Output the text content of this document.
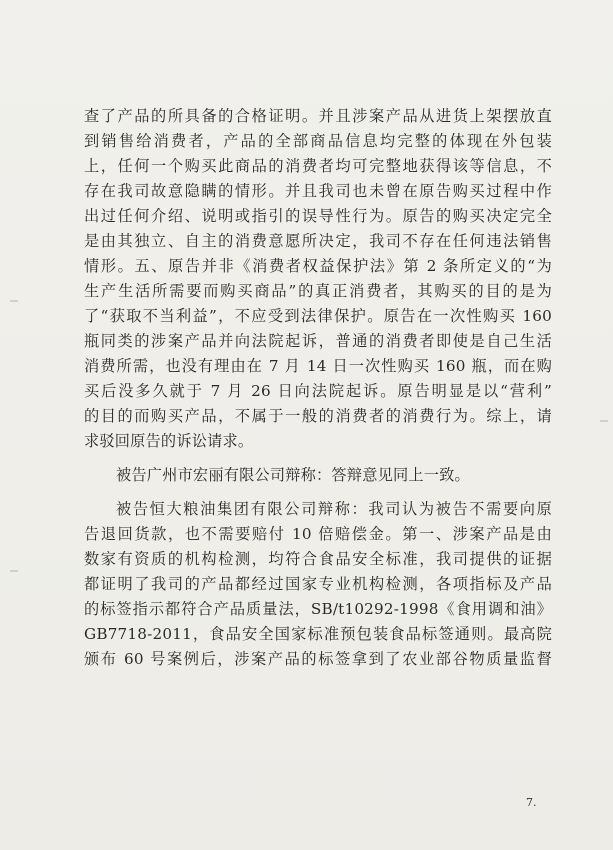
查了产品的所具备的合格证明。并且涉案产品从进货上架摆放直
到销售给消费者，产品的全部商品信息均完整的体现在外包装
上，任何一个购买此商品的消费者均可完整地获得该等信息，不
存在我司故意隐瞒的情形。并且我司也未曾在原告购买过程中作
出过任何介绍、说明或指引的误导性行为。原告的购买决定完全
是由其独立、自主的消费意愿所决定，我司不存在任何违法销售
情形。五、原告并非《消费者权益保护法》第 2 条所定义的“为
生产生活所需要而购买商品”的真正消费者，其购买的目的是为
了“获取不当利益”，不应受到法律保护。原告在一次性购买 160
瓶同类的涉案产品并向法院起诉，普通的消费者即使是自己生活
消费所需，也没有理由在 7 月 14 日一次性购买 160 瓶，而在购
买后没多久就于 7 月 26 日向法院起诉。原告明显是以“营利”
的目的而购买产品，不属于一般的消费者的消费行为。综上，请
求驳回原告的诉讼请求。
被告广州市宏丽有限公司辩称：答辩意见同上一致。
被告恒大粮油集团有限公司辩称：我司认为被告不需要向原
告退回货款，也不需要赔付 10 倍赔偿金。第一、涉案产品是由
数家有资质的机构检测，均符合食品安全标准，我司提供的证据
都证明了我司的产品都经过国家专业机构检测，各项指标及产品
的标签指示都符合产品质量法，SB/t10292-1998《食用调和油》
GB7718-2011，食品安全国家标准预包装食品标签通则。最高院
颁布 60 号案例后，涉案产品的标签拿到了农业部谷物质量监督
7.
